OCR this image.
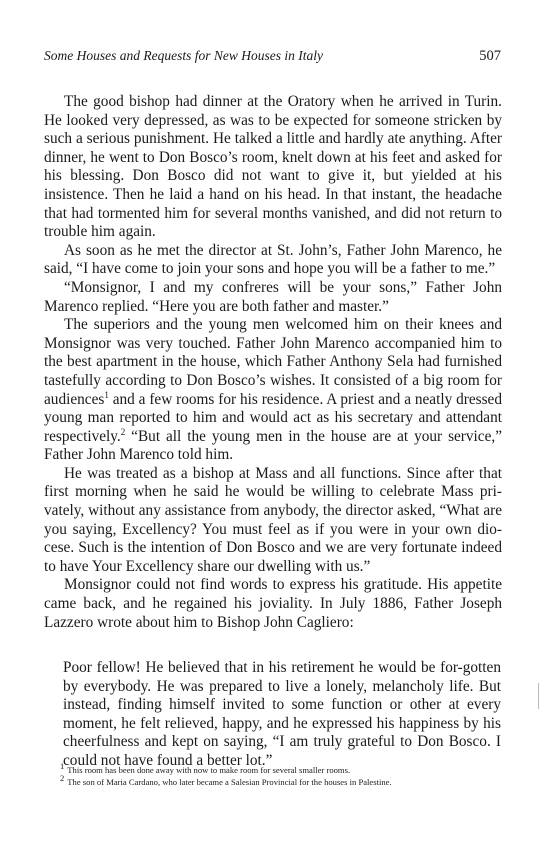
Some Houses and Requests for New Houses in Italy	507

The good bishop had dinner at the Oratory when he arrived in Turin. He looked very depressed, as was to be expected for someone stricken by such a serious punishment. He talked a little and hardly ate anything. After dinner, he went to Don Bosco’s room, knelt down at his feet and asked for his blessing. Don Bosco did not want to give it, but yielded at his insistence. Then he laid a hand on his head. In that instant, the headache that had tormented him for several months vanished, and did not return to trouble him again.

As soon as he met the director at St. John’s, Father John Marenco, he said, “I have come to join your sons and hope you will be a father to me.”

“Monsignor, I and my confreres will be your sons,” Father John Marenco replied. “Here you are both father and master.”

The superiors and the young men welcomed him on their knees and Monsignor was very touched. Father John Marenco accompanied him to the best apartment in the house, which Father Anthony Sela had furnished tastefully according to Don Bosco’s wishes. It consisted of a big room for audiences$^1$ and a few rooms for his residence. A priest and a neatly dressed young man reported to him and would act as his secretary and attendant respectively.$^2$ “But all the young men in the house are at your service,” Father John Marenco told him.

He was treated as a bishop at Mass and all functions. Since after that first morning when he said he would be willing to celebrate Mass pri-vately, without any assistance from anybody, the director asked, “What are you saying, Excellency? You must feel as if you were in your own dio-cese. Such is the intention of Don Bosco and we are very fortunate indeed to have Your Excellency share our dwelling with us.”

Monsignor could not find words to express his gratitude. His appetite came back, and he regained his joviality. In July 1886, Father Joseph Lazzero wrote about him to Bishop John Cagliero:

Poor fellow! He believed that in his retirement he would be for-gotten by everybody. He was prepared to live a lonely, melancholy life. But instead, finding himself invited to some function or other at every moment, he felt relieved, happy, and he expressed his happiness by his cheerfulness and kept on saying, “I am truly grateful to Don Bosco. I could not have found a better lot.”

$^1$ This room has been done away with now to make room for several smaller rooms.
$^2$ The son of Maria Cardano, who later became a Salesian Provincial for the houses in Palestine.
